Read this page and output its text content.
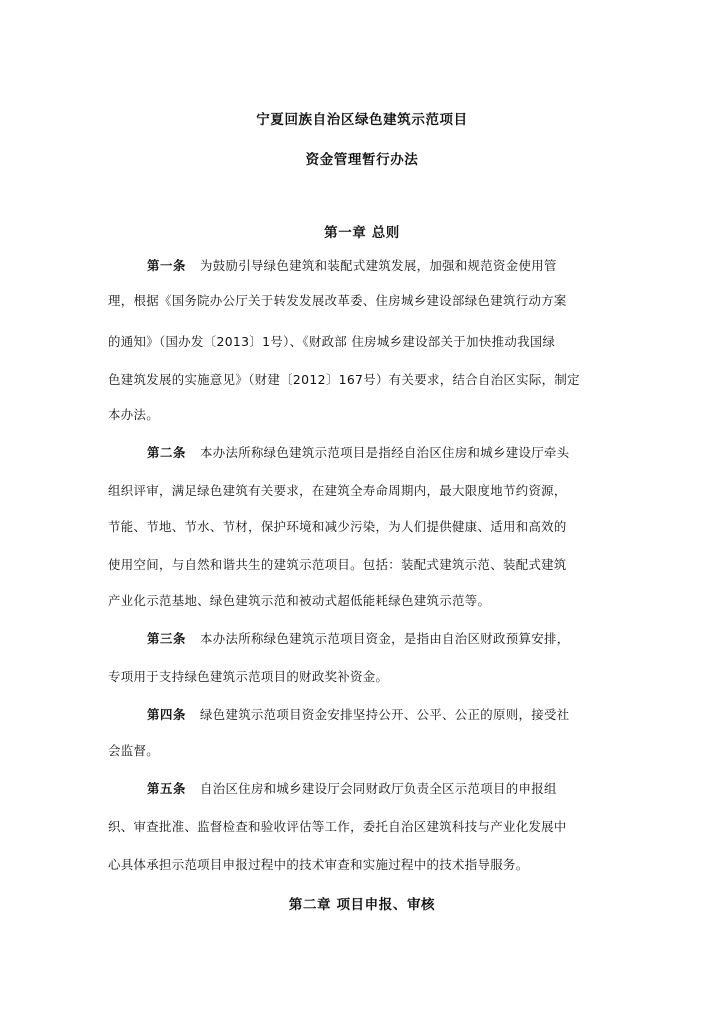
宁夏回族自治区绿色建筑示范项目
资金管理暂行办法
第一章 总则
第一条 为鼓励引导绿色建筑和装配式建筑发展，加强和规范资金使用管
理，根据《国务院办公厅关于转发发展改革委、住房城乡建设部绿色建筑行动方案
的通知》（国办发〔2013〕1号）、《财政部 住房城乡建设部关于加快推动我国绿
色建筑发展的实施意见》（财建〔2012〕167号）有关要求，结合自治区实际，制定
本办法。
第二条 本办法所称绿色建筑示范项目是指经自治区住房和城乡建设厅牵头
组织评审，满足绿色建筑有关要求，在建筑全寿命周期内，最大限度地节约资源，
节能、节地、节水、节材，保护环境和减少污染，为人们提供健康、适用和高效的
使用空间，与自然和谐共生的建筑示范项目。包括：装配式建筑示范、装配式建筑
产业化示范基地、绿色建筑示范和被动式超低能耗绿色建筑示范等。
第三条 本办法所称绿色建筑示范项目资金，是指由自治区财政预算安排，
专项用于支持绿色建筑示范项目的财政奖补资金。
第四条 绿色建筑示范项目资金安排坚持公开、公平、公正的原则，接受社
会监督。
第五条 自治区住房和城乡建设厅会同财政厅负责全区示范项目的申报组
织、审查批准、监督检查和验收评估等工作，委托自治区建筑科技与产业化发展中
心具体承担示范项目申报过程中的技术审查和实施过程中的技术指导服务。
第二章 项目申报、审核
